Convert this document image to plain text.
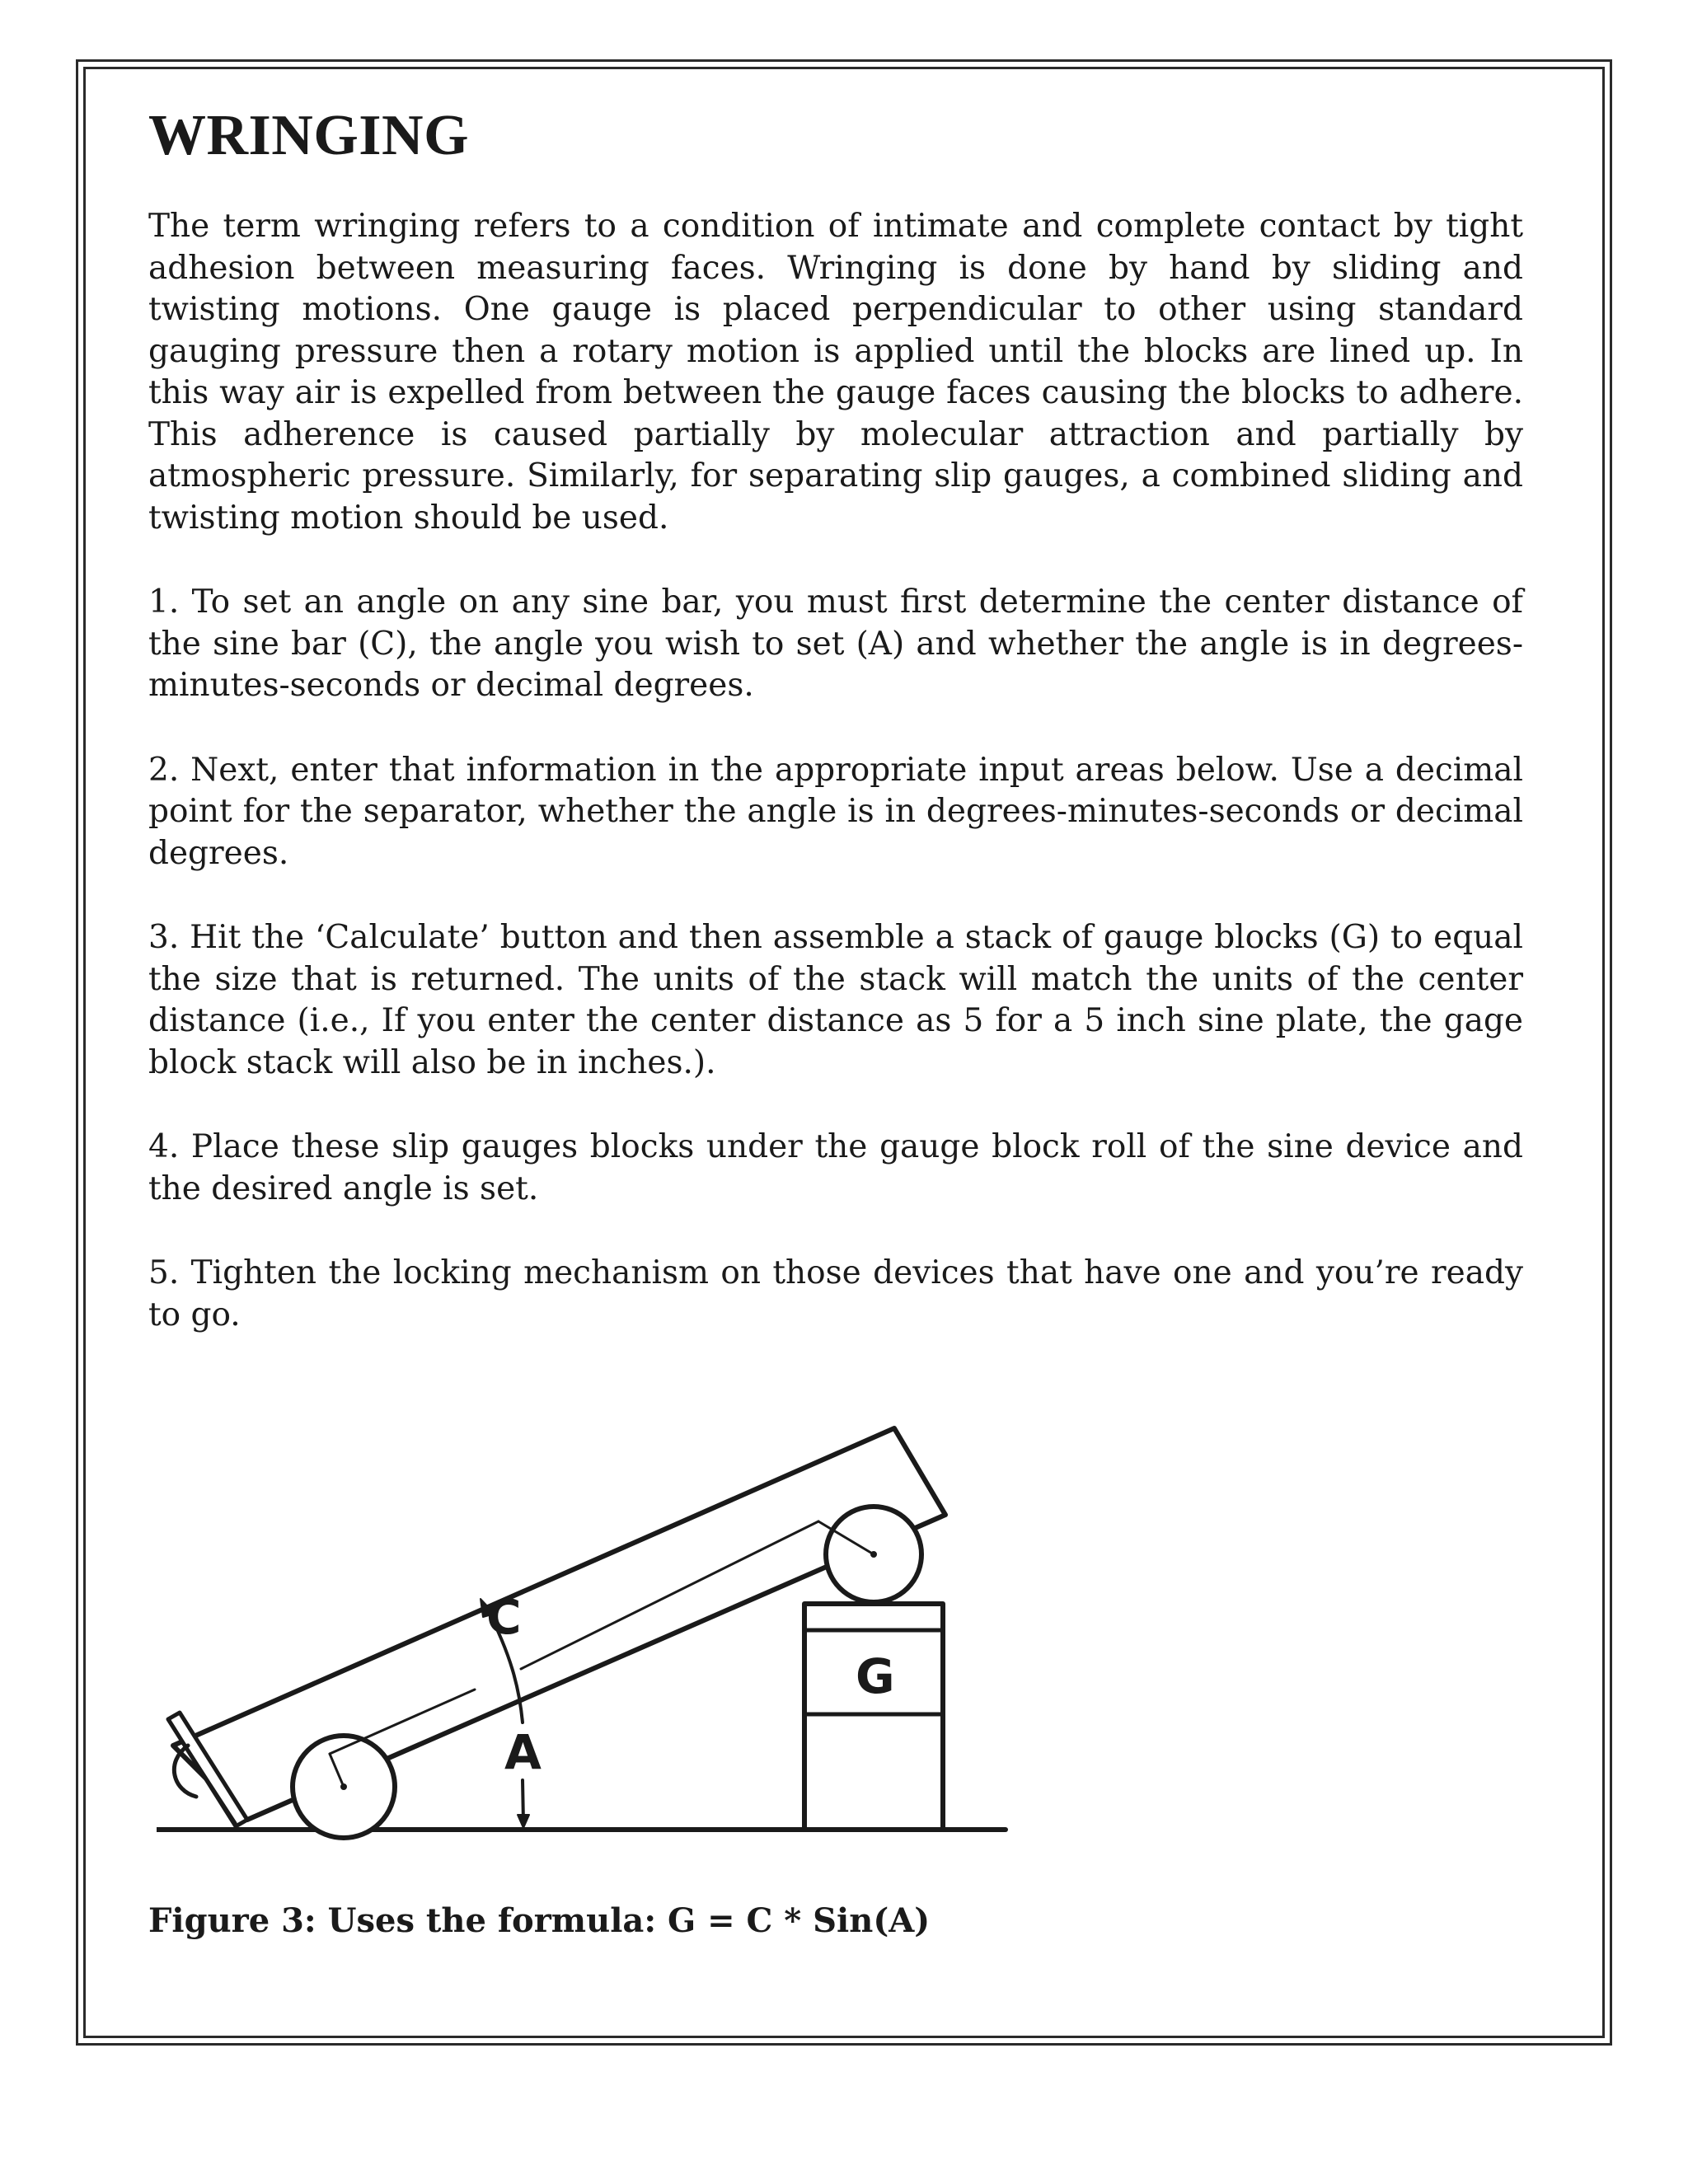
WRINGING

The term wringing refers to a condition of intimate and complete contact by tight adhesion between measuring faces. Wringing is done by hand by sliding and twisting motions. One gauge is placed perpendicular to other using standard gauging pressure then a rotary motion is applied until the blocks are lined up. In this way air is expelled from between the gauge faces causing the blocks to adhere. This adherence is caused partially by molecular attraction and partially by atmospheric pressure. Similarly, for separating slip gauges, a combined sliding and twisting motion should be used.

1. To set an angle on any sine bar, you must first determine the center distance of the sine bar (C), the angle you wish to set (A) and whether the angle is in degrees-minutes-seconds or decimal degrees.

2. Next, enter that information in the appropriate input areas below. Use a decimal point for the separator, whether the angle is in degrees-minutes-seconds or decimal degrees.

3. Hit the ‘Calculate’ button and then assemble a stack of gauge blocks (G) to equal the size that is returned. The units of the stack will match the units of the center distance (i.e., If you enter the center distance as 5 for a 5 inch sine plate, the gage block stack will also be in inches.).

4. Place these slip gauges blocks under the gauge block roll of the sine device and the desired angle is set.

5. Tighten the locking mechanism on those devices that have one and you’re ready to go.

C
A
G
Figure 3: Uses the formula: G = C * Sin(A)
